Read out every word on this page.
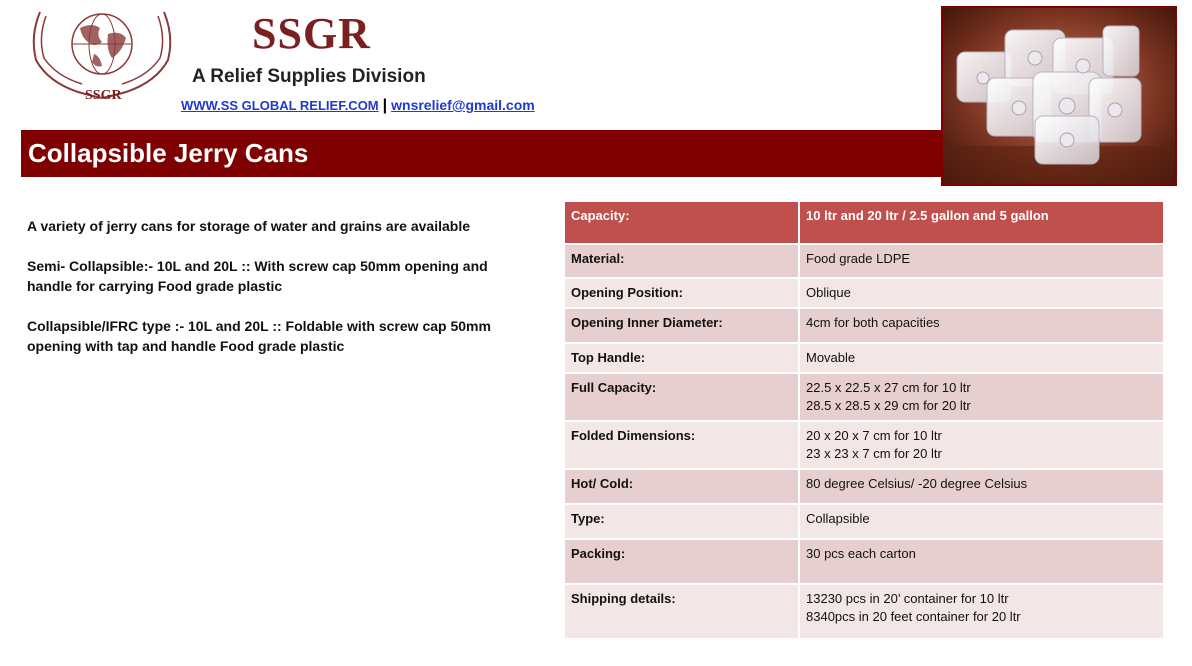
SSGR
SSGR
A Relief Supplies Division
WWW.SS GLOBAL RELIEF.COM | wnsrelief@gmail.com
Collapsible Jerry Cans

A variety of jerry cans for storage of water and grains are available

Semi- Collapsible:- 10L and 20L :: With screw cap 50mm opening and handle for carrying Food grade plastic

Collapsible/IFRC type :- 10L and 20L :: Foldable with screw cap 50mm opening with tap and handle Food grade plastic

Capacity:	10 ltr and 20 ltr / 2.5 gallon and 5 gallon

Material:	Food grade LDPE

Opening Position:	Oblique

Opening Inner Diameter:	4cm for both capacities

Top Handle:	Movable

Full Capacity:	22.5 x 22.5 x 27 cm for 10 ltr
28.5 x 28.5 x 29 cm for 20 ltr

Folded Dimensions:	20 x 20 x 7 cm for 10 ltr
23 x 23 x 7 cm for 20 ltr

Hot/ Cold:	80 degree Celsius/ -20 degree Celsius

Type:	Collapsible

Packing:	30 pcs each carton

Shipping details:	13230 pcs in 20’ container for 10 ltr
8340pcs in 20 feet container for 20 ltr
